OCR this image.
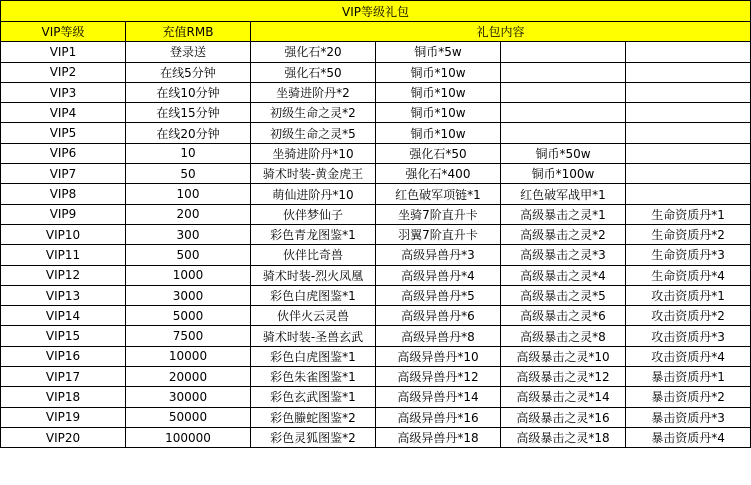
VIP等级礼包					
VIP等级	充值RMB	礼包内容			
VIP1	登录送	强化石*20	铜币*5w		
VIP2	在线5分钟	强化石*50	铜币*10w		
VIP3	在线10分钟	坐骑进阶丹*2	铜币*10w		
VIP4	在线15分钟	初级生命之灵*2	铜币*10w		
VIP5	在线20分钟	初级生命之灵*5	铜币*10w		
VIP6	10	坐骑进阶丹*10	强化石*50	铜币*50w	
VIP7	50	骑术时装-黄金虎王	强化石*400	铜币*100w	
VIP8	100	萌仙进阶丹*10	红色破军项链*1	红色破军战甲*1	
VIP9	200	伙伴梦仙子	坐骑7阶直升卡	高级暴击之灵*1	生命资质丹*1
VIP10	300	彩色青龙图鉴*1	羽翼7阶直升卡	高级暴击之灵*2	生命资质丹*2
VIP11	500	伙伴比奇兽	高级异兽丹*3	高级暴击之灵*3	生命资质丹*3
VIP12	1000	骑术时装-烈火凤凰	高级异兽丹*4	高级暴击之灵*4	生命资质丹*4
VIP13	3000	彩色白虎图鉴*1	高级异兽丹*5	高级暴击之灵*5	攻击资质丹*1
VIP14	5000	伙伴火云灵兽	高级异兽丹*6	高级暴击之灵*6	攻击资质丹*2
VIP15	7500	骑术时装-圣兽玄武	高级异兽丹*8	高级暴击之灵*8	攻击资质丹*3
VIP16	10000	彩色白虎图鉴*1	高级异兽丹*10	高级暴击之灵*10	攻击资质丹*4
VIP17	20000	彩色朱雀图鉴*1	高级异兽丹*12	高级暴击之灵*12	暴击资质丹*1
VIP18	30000	彩色玄武图鉴*1	高级异兽丹*14	高级暴击之灵*14	暴击资质丹*2
VIP19	50000	彩色螣蛇图鉴*2	高级异兽丹*16	高级暴击之灵*16	暴击资质丹*3
VIP20	100000	彩色灵狐图鉴*2	高级异兽丹*18	高级暴击之灵*18	暴击资质丹*4
